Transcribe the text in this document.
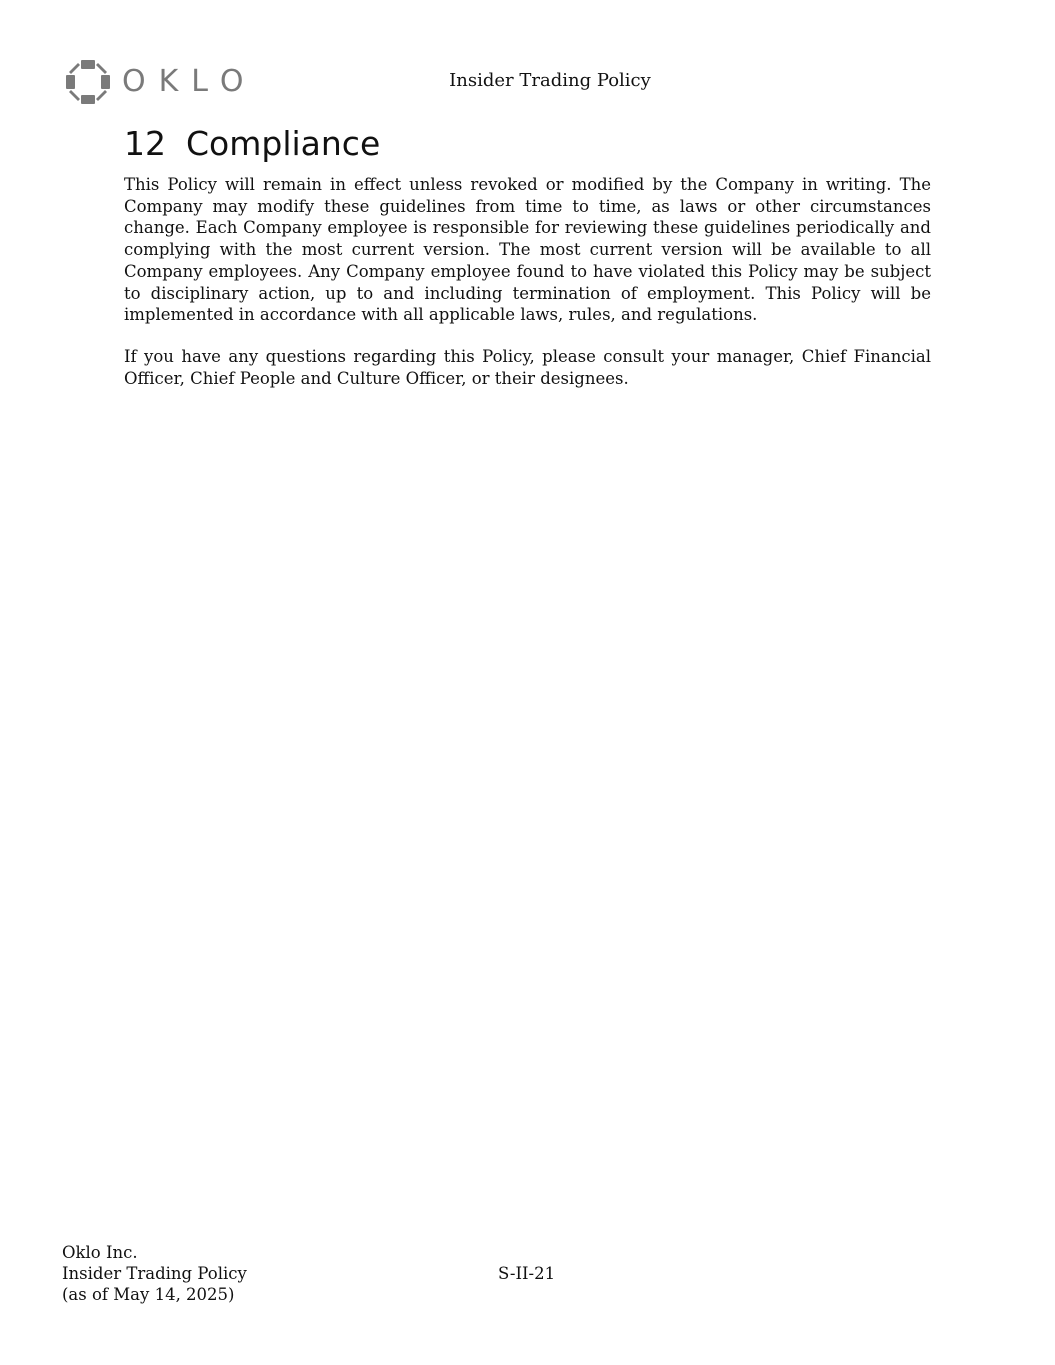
OKLO	Insider Trading Policy
12 Compliance

This Policy will remain in effect unless revoked or modified by the Company in writing. The Company may modify these guidelines from time to time, as laws or other circumstances change. Each Company employee is responsible for reviewing these guidelines periodically and complying with the most current version. The most current version will be available to all Company employees. Any Company employee found to have violated this Policy may be subject to disciplinary action, up to and including termination of employment. This Policy will be implemented in accordance with all applicable laws, rules, and regulations.

If you have any questions regarding this Policy, please consult your manager, Chief Financial Officer, Chief People and Culture Officer, or their designees.

Oklo Inc.
Insider Trading Policy
(as of May 14, 2025)
S-II-21
